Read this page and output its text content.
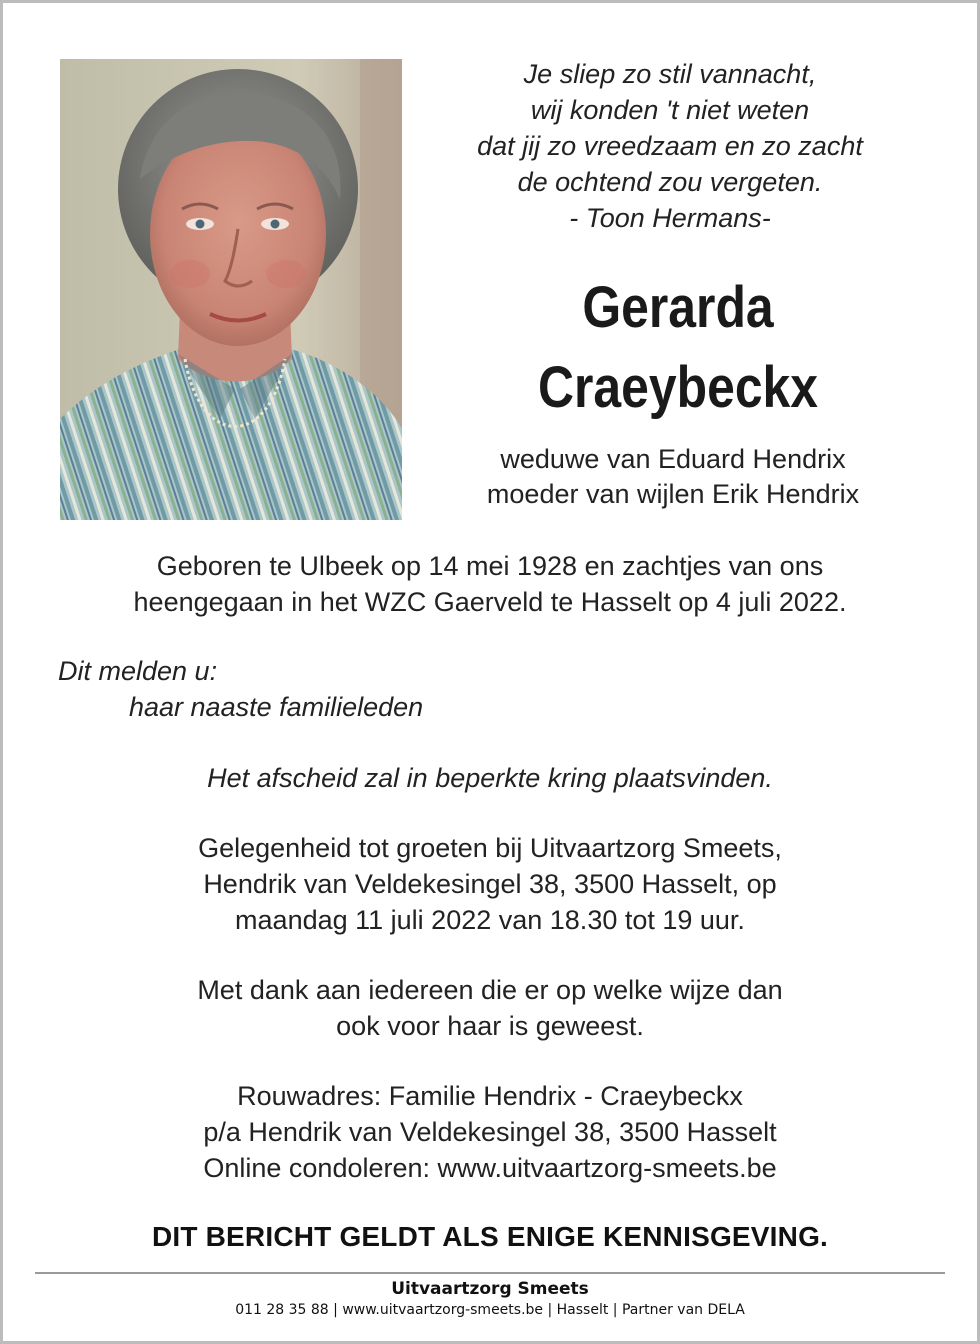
Je sliep zo stil vannacht,
wij konden 't niet weten
dat jij zo vreedzaam en zo zacht
de ochtend zou vergeten.
- Toon Hermans-
Gerarda
Craeybeckx
weduwe van Eduard Hendrix
moeder van wijlen Erik Hendrix
Geboren te Ulbeek op 14 mei 1928 en zachtjes van ons
heengegaan in het WZC Gaerveld te Hasselt op 4 juli 2022.
Dit melden u:
haar naaste familieleden
Het afscheid zal in beperkte kring plaatsvinden.
Gelegenheid tot groeten bij Uitvaartzorg Smeets,
Hendrik van Veldekesingel 38, 3500 Hasselt, op
maandag 11 juli 2022 van 18.30 tot 19 uur.
Met dank aan iedereen die er op welke wijze dan
ook voor haar is geweest.
Rouwadres: Familie Hendrix - Craeybeckx
p/a Hendrik van Veldekesingel 38, 3500 Hasselt
Online condoleren: www.uitvaartzorg-smeets.be
DIT BERICHT GELDT ALS ENIGE KENNISGEVING.
Uitvaartzorg Smeets
011 28 35 88 | www.uitvaartzorg-smeets.be | Hasselt | Partner van DELA
